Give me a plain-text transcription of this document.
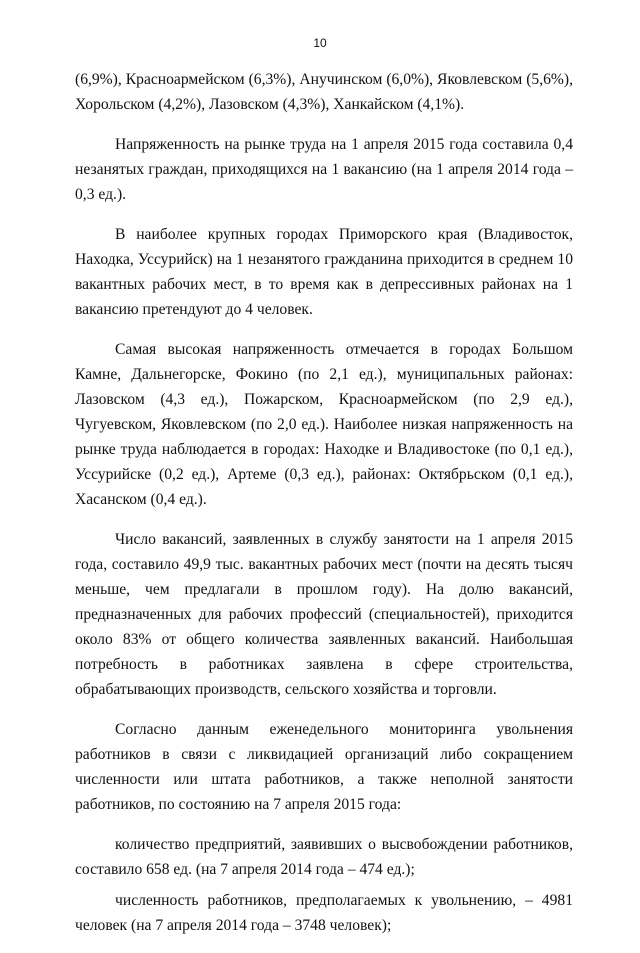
10

(6,9%), Красноармейском (6,3%), Анучинском (6,0%), Яковлевском (5,6%), Хорольском (4,2%), Лазовском (4,3%), Ханкайском (4,1%).

Напряженность на рынке труда на 1 апреля 2015 года составила 0,4 незанятых граждан, приходящихся на 1 вакансию (на 1 апреля 2014 года – 0,3 ед.).

В наиболее крупных городах Приморского края (Владивосток, Находка, Уссурийск) на 1 незанятого гражданина приходится в среднем 10 вакантных рабочих мест, в то время как в депрессивных районах на 1 вакансию претендуют до 4 человек.

Самая высокая напряженность отмечается в городах Большом Камне, Дальнегорске, Фокино (по 2,1 ед.), муниципальных районах: Лазовском (4,3 ед.), Пожарском, Красноармейском (по 2,9 ед.), Чугуевском, Яковлевском (по 2,0 ед.). Наиболее низкая напряженность на рынке труда наблюдается в городах: Находке и Владивостоке (по 0,1 ед.), Уссурийске (0,2 ед.), Артеме (0,3 ед.), районах: Октябрьском (0,1 ед.), Хасанском (0,4 ед.).

Число вакансий, заявленных в службу занятости на 1 апреля 2015 года, составило 49,9 тыс. вакантных рабочих мест (почти на десять тысяч меньше, чем предлагали в прошлом году). На долю вакансий, предназначенных для рабочих профессий (специальностей), приходится около 83% от общего количества заявленных вакансий. Наибольшая потребность в работниках заявлена в сфере строительства, обрабатывающих производств, сельского хозяйства и торговли.

Согласно данным еженедельного мониторинга увольнения работников в связи с ликвидацией организаций либо сокращением численности или штата работников, а также неполной занятости работников, по состоянию на 7 апреля 2015 года:

количество предприятий, заявивших о высвобождении работников, составило 658 ед. (на 7 апреля 2014 года – 474 ед.);

численность работников, предполагаемых к увольнению, – 4981 человек (на 7 апреля 2014 года – 3748 человек);
